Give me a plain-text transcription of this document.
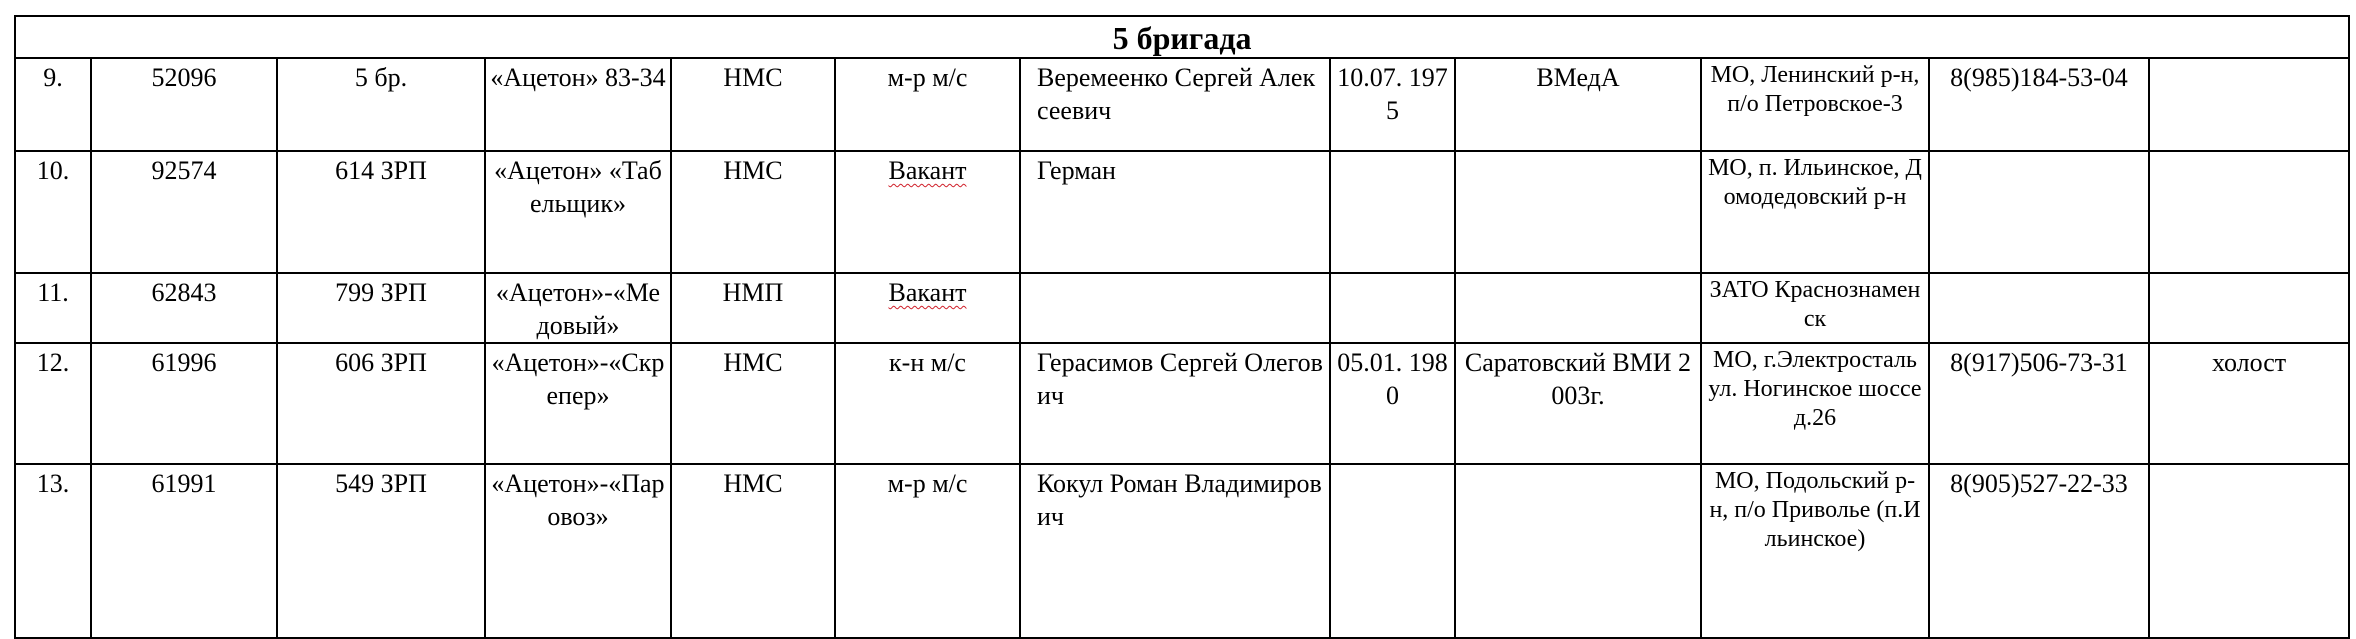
5 бригада											
9.	52096	5 бр.	«Ацетон» 83-34	НМС	м-р м/с	Веремеенко Сергей Алексеевич	10.07. 1975	ВМедА	МО, Ленинский р-н, п/о Петровское-3	8(985)184-53-04	
10.	92574	614 ЗРП	«Ацетон» «Табельщик»	НМС	Вакант	Герман			МО, п. Ильинское, Домодедовский р-н		
11.	62843	799 ЗРП	«Ацетон»-«Медовый»	НМП	Вакант				ЗАТО Краснознаменск		
12.	61996	606 ЗРП	«Ацетон»-«Скрепер»	НМС	к-н м/с	Герасимов Сергей Олегович	05.01. 1980	Саратовский ВМИ 2003г.	МО, г.Электросталь ул. Ногинское шоссе д.26	8(917)506-73-31	холост
13.	61991	549 ЗРП	«Ацетон»-«Паровоз»	НМС	м-р м/с	Кокул Роман Владимирович			МО, Подольский р-н, п/о Приволье (п.Ильинское)	8(905)527-22-33	
